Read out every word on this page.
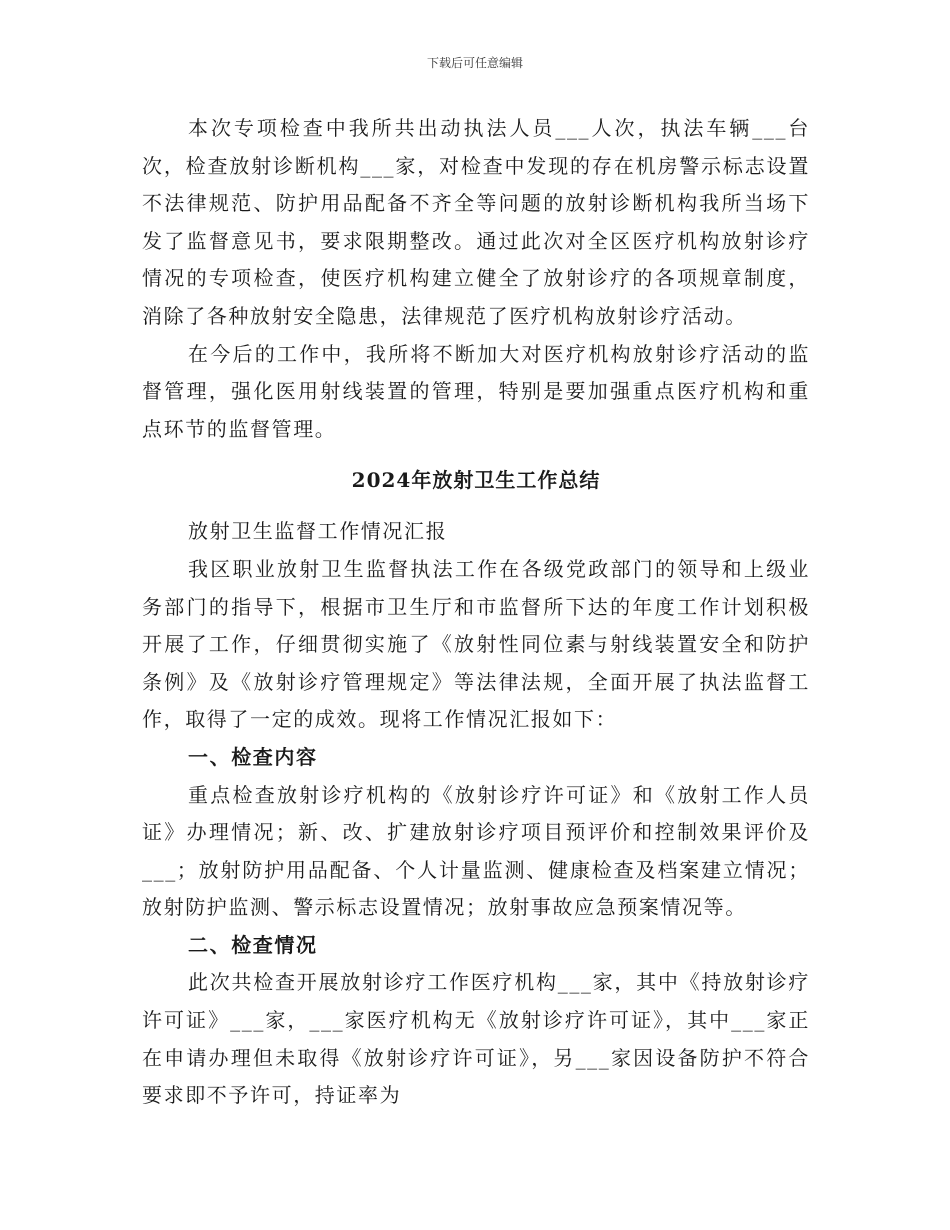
下载后可任意编辑

本次专项检查中我所共出动执法人员___人次，执法车辆___台次，检查放射诊断机构___家，对检查中发现的存在机房警示标志设置不法律规范、防护用品配备不齐全等问题的放射诊断机构我所当场下发了监督意见书，要求限期整改。通过此次对全区医疗机构放射诊疗情况的专项检查，使医疗机构建立健全了放射诊疗的各项规章制度，消除了各种放射安全隐患，法律规范了医疗机构放射诊疗活动。

在今后的工作中，我所将不断加大对医疗机构放射诊疗活动的监督管理，强化医用射线装置的管理，特别是要加强重点医疗机构和重点环节的监督管理。

2024年放射卫生工作总结

放射卫生监督工作情况汇报

我区职业放射卫生监督执法工作在各级党政部门的领导和上级业务部门的指导下，根据市卫生厅和市监督所下达的年度工作计划积极开展了工作，仔细贯彻实施了《放射性同位素与射线装置安全和防护条例》及《放射诊疗管理规定》等法律法规，全面开展了执法监督工作，取得了一定的成效。现将工作情况汇报如下：

一、检查内容

重点检查放射诊疗机构的《放射诊疗许可证》和《放射工作人员证》办理情况；新、改、扩建放射诊疗项目预评价和控制效果评价及___；放射防护用品配备、个人计量监测、健康检查及档案建立情况；放射防护监测、警示标志设置情况；放射事故应急预案情况等。

二、检查情况

此次共检查开展放射诊疗工作医疗机构___家，其中《持放射诊疗许可证》___家，___家医疗机构无《放射诊疗许可证》，其中___家正在申请办理但未取得《放射诊疗许可证》，另___家因设备防护不符合要求即不予许可，持证率为
